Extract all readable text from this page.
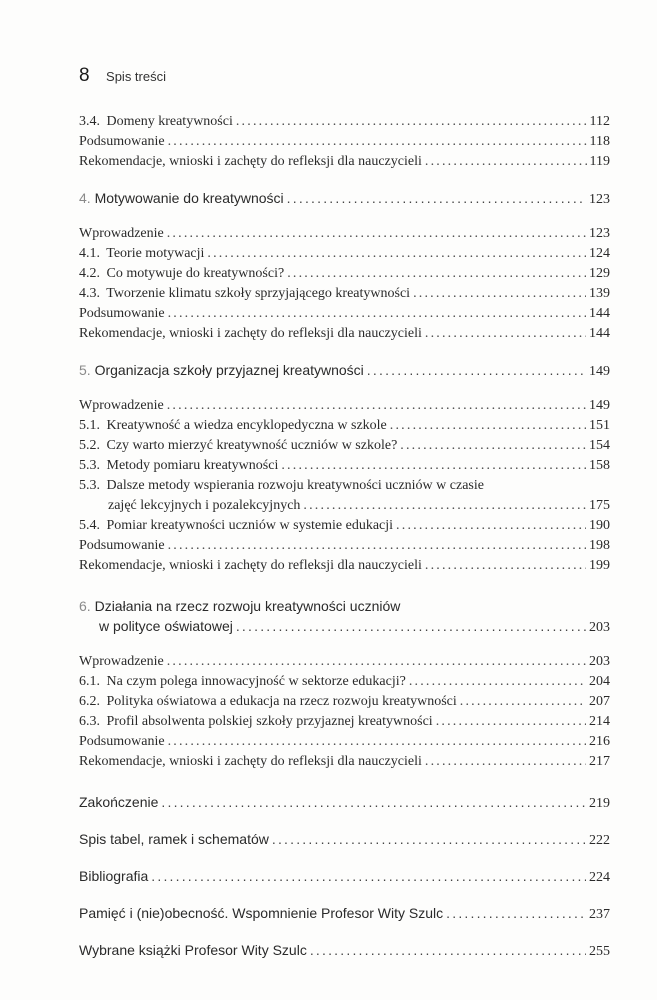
8 Spis treści
3.4. Domeny kreatywności .....	112
Podsumowanie .....	118
Rekomendacje, wnioski i zachęty do refleksji dla nauczycieli .....	119
4. Motywowanie do kreatywności .....	123
Wprowadzenie .....	123
4.1. Teorie motywacji .....	124
4.2. Co motywuje do kreatywności? .....	129
4.3. Tworzenie klimatu szkoły sprzyjającego kreatywności .....	139
Podsumowanie .....	144
Rekomendacje, wnioski i zachęty do refleksji dla nauczycieli .....	144
5. Organizacja szkoły przyjaznej kreatywności .....	149
Wprowadzenie .....	149
5.1. Kreatywność a wiedza encyklopedyczna w szkole .....	151
5.2. Czy warto mierzyć kreatywność uczniów w szkole? .....	154
5.3. Metody pomiaru kreatywności .....	158
5.3. Dalsze metody wspierania rozwoju kreatywności uczniów w czasie
zajęć lekcyjnych i pozalekcyjnych .....	175
5.4. Pomiar kreatywności uczniów w systemie edukacji .....	190
Podsumowanie .....	198
Rekomendacje, wnioski i zachęty do refleksji dla nauczycieli .....	199
6. Działania na rzecz rozwoju kreatywności uczniów
w polityce oświatowej .....	203
Wprowadzenie .....	203
6.1. Na czym polega innowacyjność w sektorze edukacji? .....	204
6.2. Polityka oświatowa a edukacja na rzecz rozwoju kreatywności .....	207
6.3. Profil absolwenta polskiej szkoły przyjaznej kreatywności .....	214
Podsumowanie .....	216
Rekomendacje, wnioski i zachęty do refleksji dla nauczycieli .....	217
Zakończenie .....	219
Spis tabel, ramek i schematów .....	222
Bibliografia .....	224
Pamięć i (nie)obecność. Wspomnienie Profesor Wity Szulc .....	237
Wybrane książki Profesor Wity Szulc .....	255
